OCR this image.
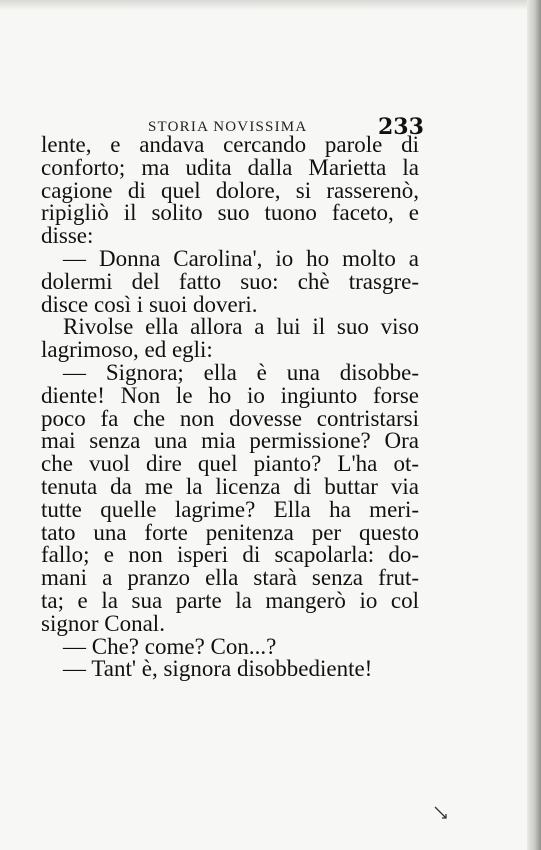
STORIA NOVISSIMA	233
lente, e andava cercando parole di
conforto; ma udita dalla Marietta la
cagione di quel dolore, si rasserenò,
ripigliò il solito suo tuono faceto, e
disse:
— Donna Carolina', io ho molto a
dolermi del fatto suo: chè trasgre-
disce così i suoi doveri.
Rivolse ella allora a lui il suo viso
lagrimoso, ed egli:
— Signora; ella è una disobbe-
diente! Non le ho io ingiunto forse
poco fa che non dovesse contristarsi
mai senza una mia permissione? Ora
che vuol dire quel pianto? L'ha ot-
tenuta da me la licenza di buttar via
tutte quelle lagrime? Ella ha meri-
tato una forte penitenza per questo
fallo; e non isperi di scapolarla: do-
mani a pranzo ella starà senza frut-
ta; e la sua parte la mangerò io col
signor Conal.
— Che? come? Con...?
— Tant' è, signora disobbediente!
